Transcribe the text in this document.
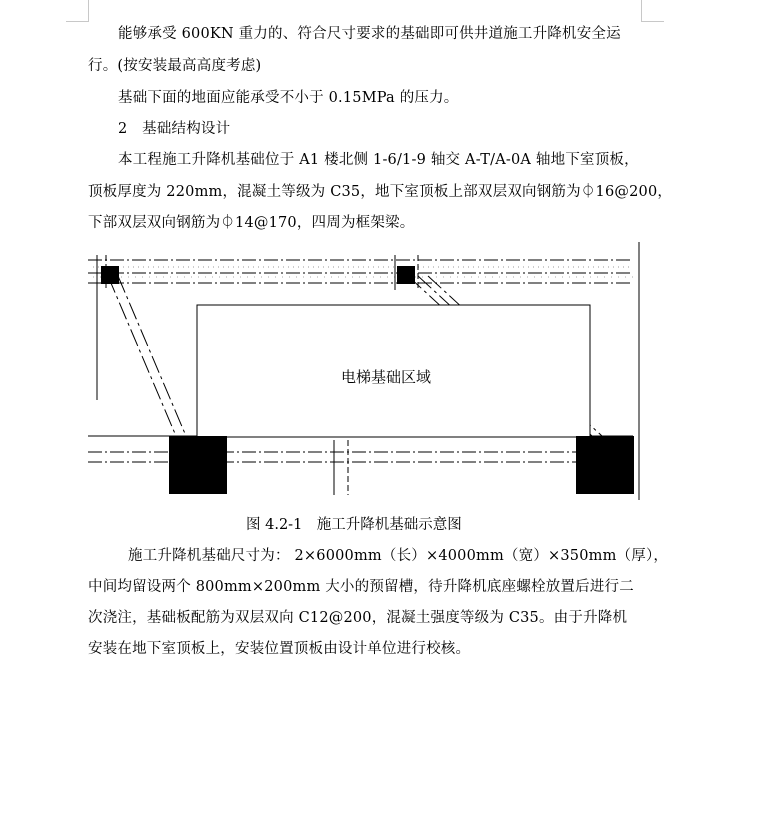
能够承受 600KN 重力的、符合尺寸要求的基础即可供井道施工升降机安全运
行。(按安装最高高度考虑)
基础下面的地面应能承受不小于 0.15MPa 的压力。
2　基础结构设计
本工程施工升降机基础位于 A1 楼北侧 1-6/1-9 轴交 A-T/A-0A 轴地下室顶板，
顶板厚度为 220mm，混凝土等级为 C35，地下室顶板上部双层双向钢筋为⏀16@200，
下部双层双向钢筋为⏀14@170，四周为框架梁。
电梯基础区域
图 4.2-1　施工升降机基础示意图
施工升降机基础尺寸为： 2×6000mm（长）×4000mm（宽）×350mm（厚），
中间均留设两个 800mm×200mm 大小的预留槽，待升降机底座螺栓放置后进行二
次浇注，基础板配筋为双层双向 C12@200，混凝土强度等级为 C35。由于升降机
安装在地下室顶板上，安装位置顶板由设计单位进行校核。
